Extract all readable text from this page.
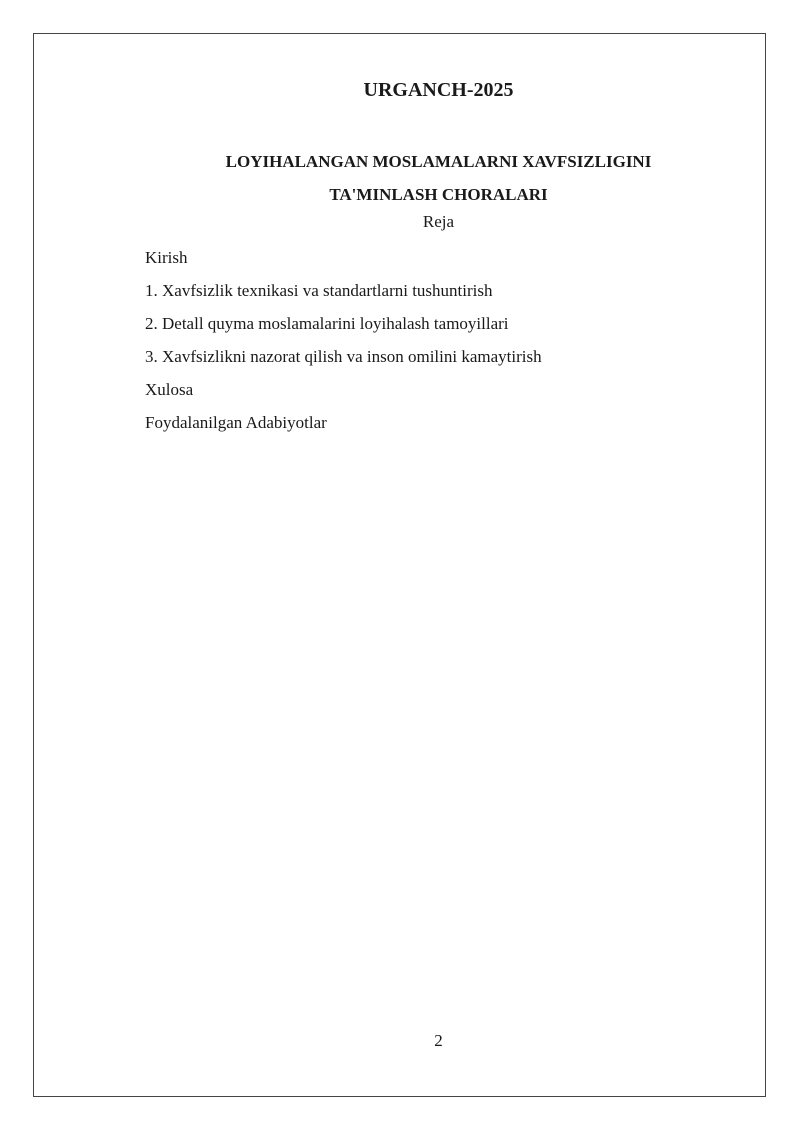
URGANCH-2025
LOYIHALANGAN MOSLAMALARNI XAVFSIZLIGINI
TA'MINLASH CHORALARI
Reja
Kirish
1. Xavfsizlik texnikasi va standartlarni tushuntirish
2. Detall quyma moslamalarini loyihalash tamoyillari
3. Xavfsizlikni nazorat qilish va inson omilini kamaytirish
Xulosa
Foydalanilgan Adabiyotlar
2
